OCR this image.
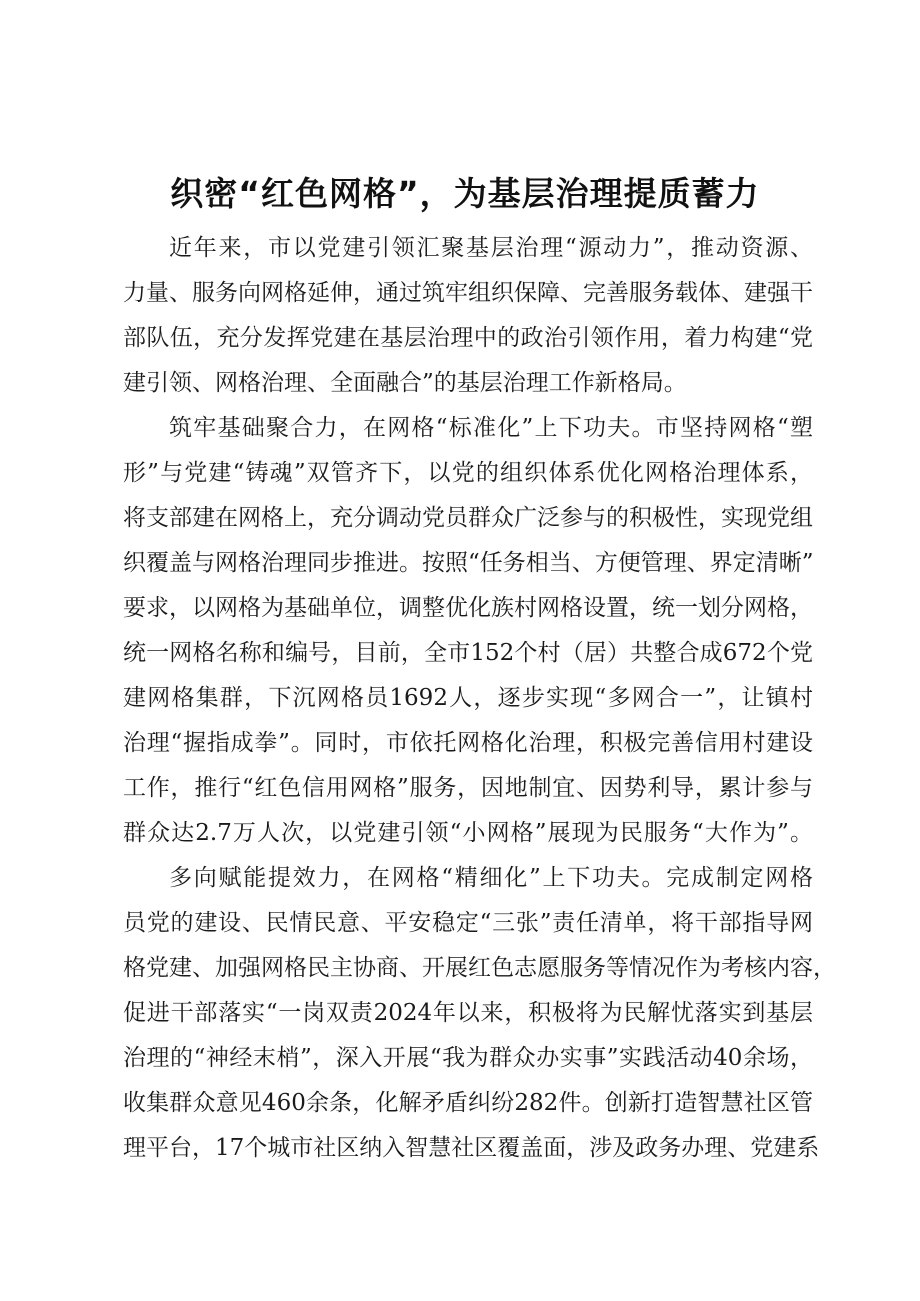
织密“红色网格”，为基层治理提质蓄力
近年来，市以党建引领汇聚基层治理“源动力”，推动资源、
力量、服务向网格延伸，通过筑牢组织保障、完善服务载体、建强干
部队伍，充分发挥党建在基层治理中的政治引领作用，着力构建“党
建引领、网格治理、全面融合”的基层治理工作新格局。
筑牢基础聚合力，在网格“标准化”上下功夫。市坚持网格“塑
形”与党建“铸魂”双管齐下，以党的组织体系优化网格治理体系，
将支部建在网格上，充分调动党员群众广泛参与的积极性，实现党组
织覆盖与网格治理同步推进。按照“任务相当、方便管理、界定清晰”
要求，以网格为基础单位，调整优化族村网格设置，统一划分网格，
统一网格名称和编号，目前，全市152个村（居）共整合成672个党
建网格集群，下沉网格员1692人，逐步实现“多网合一”，让镇村
治理“握指成拳”。同时，市依托网格化治理，积极完善信用村建设
工作，推行“红色信用网格”服务，因地制宜、因势利导，累计参与
群众达2.7万人次，以党建引领“小网格”展现为民服务“大作为”。
多向赋能提效力，在网格“精细化”上下功夫。完成制定网格
员党的建设、民情民意、平安稳定“三张”责任清单，将干部指导网
格党建、加强网格民主协商、开展红色志愿服务等情况作为考核内容，
促进干部落实“一岗双责2024年以来，积极将为民解忧落实到基层
治理的“神经末梢”，深入开展“我为群众办实事”实践活动40余场，
收集群众意见460余条，化解矛盾纠纷282件。创新打造智慧社区管
理平台，17个城市社区纳入智慧社区覆盖面，涉及政务办理、党建系
